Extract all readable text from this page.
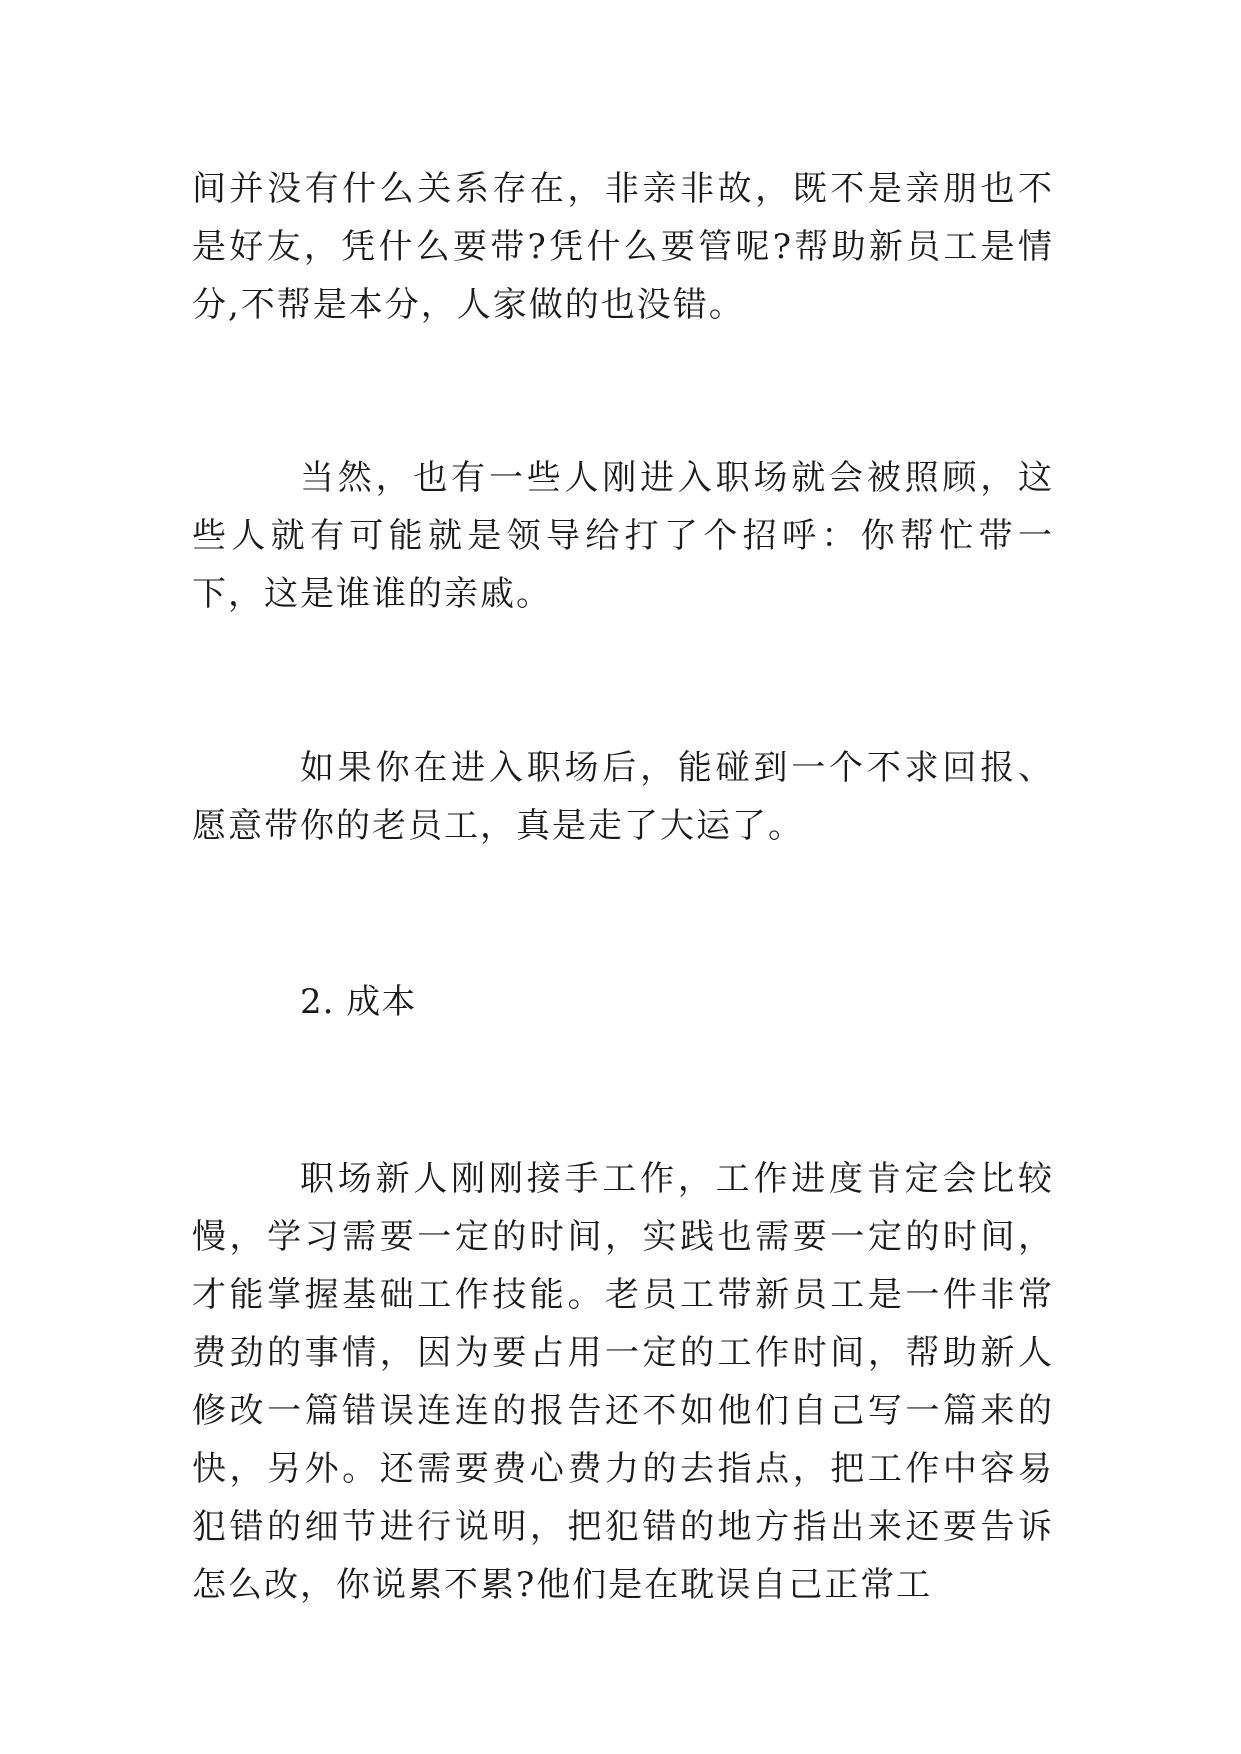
间并没有什么关系存在，非亲非故，既不是亲朋也不是好友，凭什么要带?凭什么要管呢?帮助新员工是情分,不帮是本分，人家做的也没错。

当然，也有一些人刚进入职场就会被照顾，这些人就有可能就是领导给打了个招呼：你帮忙带一下，这是谁谁的亲戚。

如果你在进入职场后，能碰到一个不求回报、愿意带你的老员工，真是走了大运了。

2. 成本

职场新人刚刚接手工作，工作进度肯定会比较慢，学习需要一定的时间，实践也需要一定的时间，才能掌握基础工作技能。老员工带新员工是一件非常费劲的事情，因为要占用一定的工作时间，帮助新人修改一篇错误连连的报告还不如他们自己写一篇来的快，另外。还需要费心费力的去指点，把工作中容易犯错的细节进行说明，把犯错的地方指出来还要告诉怎么改，你说累不累?他们是在耽误自己正常工
